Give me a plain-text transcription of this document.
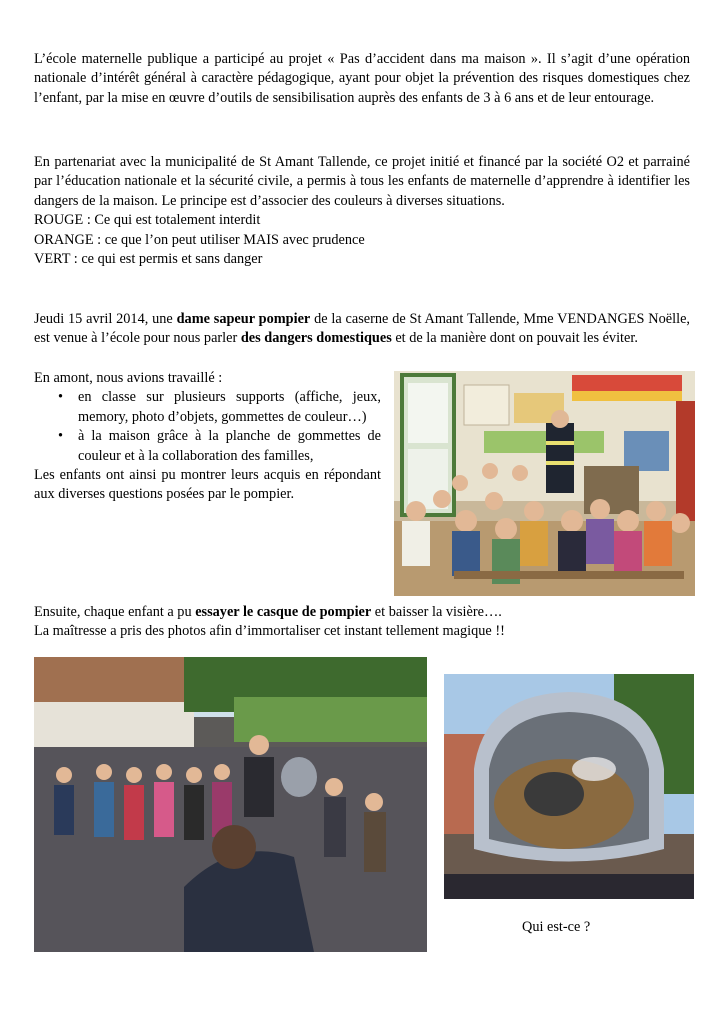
L’école maternelle publique a participé au projet « Pas d’accident dans ma maison ». Il s’agit d’une opération nationale d’intérêt général à caractère pédagogique, ayant pour objet la prévention des risques domestiques chez l’enfant, par la mise en œuvre d’outils de sensibilisation auprès des enfants de 3 à 6 ans et de leur entourage.
En partenariat avec la municipalité de St Amant Tallende, ce projet initié et financé par la société O2 et parrainé par l’éducation nationale et la sécurité civile, a permis à tous les enfants de maternelle d’apprendre à identifier les dangers de la maison. Le principe est d’associer des couleurs à diverses situations.
ROUGE : Ce qui est totalement interdit
ORANGE : ce que l’on peut utiliser MAIS avec prudence
VERT : ce qui est permis et sans danger
Jeudi 15 avril 2014, une dame sapeur pompier de la caserne de St Amant Tallende, Mme VENDANGES Noëlle, est venue à l’école pour nous parler des dangers domestiques et de la manière dont on pouvait les éviter.
En amont, nous avions travaillé :
• en classe sur plusieurs supports (affiche, jeux, memory, photo d’objets, gommettes de couleur…)
• à la maison grâce à la planche de gommettes de couleur et à la collaboration des familles,
Les enfants ont ainsi pu montrer leurs acquis en répondant aux diverses questions posées par le pompier.
Ensuite, chaque enfant a pu essayer le casque de pompier et baisser la visière….
La maîtresse a pris des photos afin d’immortaliser cet instant tellement magique !!
Qui est-ce ?
